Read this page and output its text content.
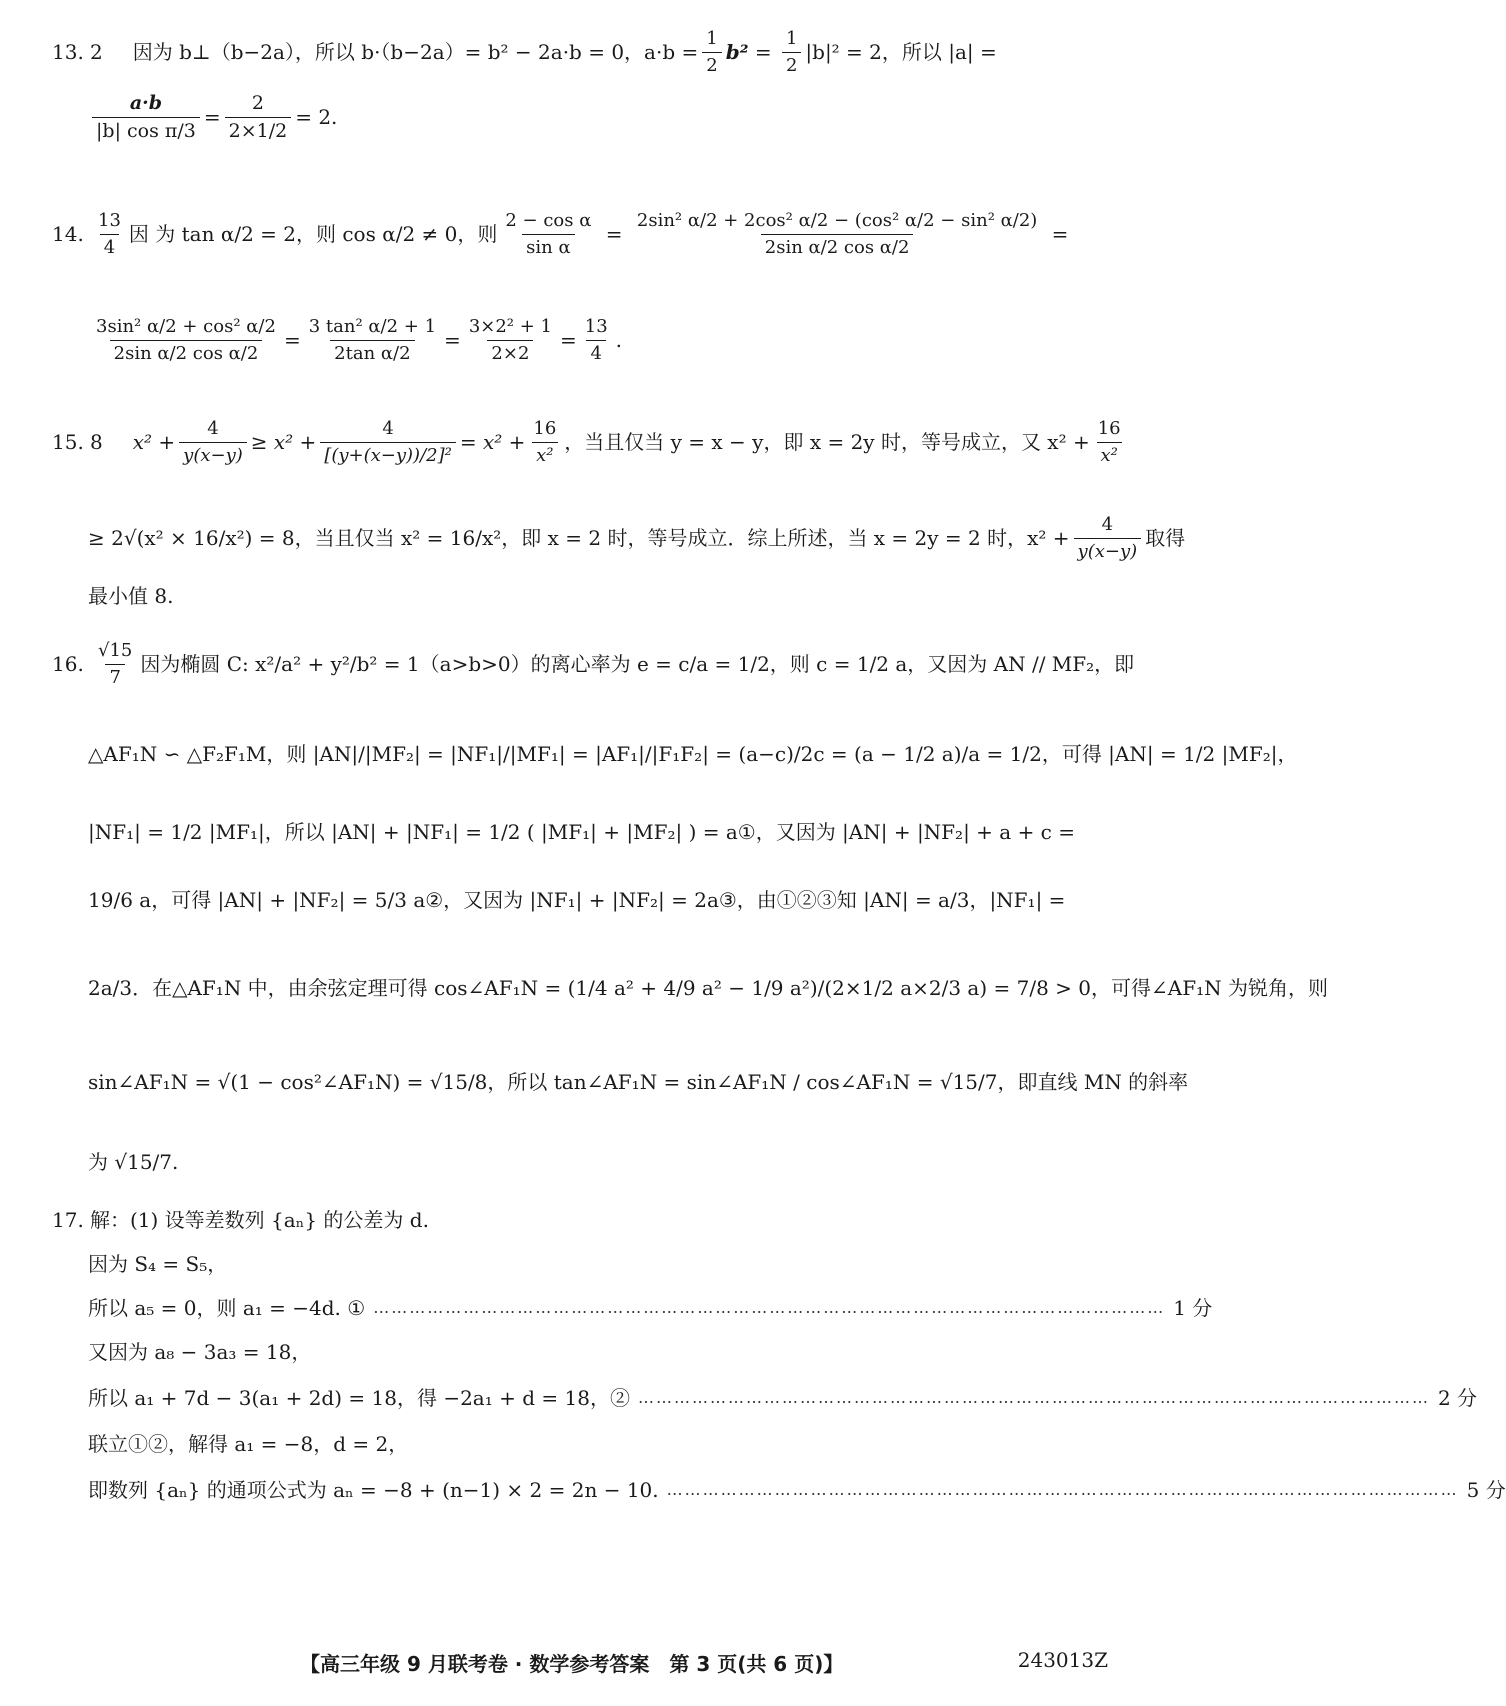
13. 2 因为 b⊥（b−2a），所以 b·（b−2a）= b² − 2a·b = 0，$a\cdot b = \frac{1}{2} b^2 = \frac{1}{2} |b|^2 = 2$ ，所以 |a| =
$\frac{a\cdot b}{\text{|b| cos π/3}} = \frac{2}{2\times 1/2} = 2$.
14. $\frac{13}{4}$ 因 为 tan α/2 = 2，则 cos α/2 ≠ 0，则 $\frac{\text{2 − cos α}}{\text{sin α}} = \frac{\text{2sin² α/2 + 2cos² α/2 − (cos² α/2 − sin² α/2)}}{\text{2sin α/2 cos α/2}}$ =
$\frac{\text{3sin² α/2 + cos² α/2}}{\text{2sin α/2 cos α/2}} = \frac{\text{3 tan² α/2 + 1}}{\text{2tan α/2}} = \frac{\text{3×2² + 1}}{2\times 2} = \frac{13}{4}$ .
15. 8 $x^2 + \frac{4}{y(x-y)} \ge x^2 + \frac{4}{\text{[(y+(x−y))/2]²}} = x^2 + \frac{16}{\text{x²}}$ ，当且仅当 y = x − y，即 x = 2y 时，等号成立，又 $x^2 + \frac{16}{\text{x²}}$
≥ 2√(x² × 16/x²) = 8，当且仅当 x² = 16/x²，即 x = 2 时，等号成立．综上所述，当 x = 2y = 2 时，$x^2 + \frac{4}{y(x-y)}$ 取得
最小值 8.
16. $\frac{√15}{7}$ 因为椭圆 C: x²/a² + y²/b² = 1（a>b>0）的离心率为 e = c/a = 1/2，则 c = 1/2 a，又因为 AN // MF₂，即
△AF₁N ∽ △F₂F₁M，则 |AN|/|MF₂| = |NF₁|/|MF₁| = |AF₁|/|F₁F₂| = (a−c)/2c = (a − 1/2 a)/a = 1/2，可得 |AN| = 1/2 |MF₂|，
|NF₁| = 1/2 |MF₁|，所以 |AN| + |NF₁| = 1/2 ( |MF₁| + |MF₂| ) = a①，又因为 |AN| + |NF₂| + a + c =
19/6 a，可得 |AN| + |NF₂| = 5/3 a②，又因为 |NF₁| + |NF₂| = 2a③，由①②③知 |AN| = a/3，|NF₁| =
2a/3．在△AF₁N 中，由余弦定理可得 cos∠AF₁N = (1/4 a² + 4/9 a² − 1/9 a²)/(2×1/2 a×2/3 a) = 7/8 > 0，可得∠AF₁N 为锐角，则
sin∠AF₁N = √(1 − cos²∠AF₁N) = √15/8，所以 tan∠AF₁N = sin∠AF₁N / cos∠AF₁N = √15/7，即直线 MN 的斜率
为 √15/7.
17. 解：(1) 设等差数列 {aₙ} 的公差为 d.
因为 S₄ = S₅，
所以 a₅ = 0，则 a₁ = −4d. ① …………………………………………………………………………………………………………………… 1 分
又因为 a₈ − 3a₃ = 18，
所以 a₁ + 7d − 3(a₁ + 2d) = 18，得 −2a₁ + d = 18，② …………………………………………………………………………………………………………………… 2 分
联立①②，解得 a₁ = −8，d = 2，
即数列 {aₙ} 的通项公式为 aₙ = −8 + (n−1) × 2 = 2n − 10. …………………………………………………………………………………………………………………… 5 分
【高三年级 9 月联考卷 · 数学参考答案　第 3 页(共 6 页)】	243013Z
